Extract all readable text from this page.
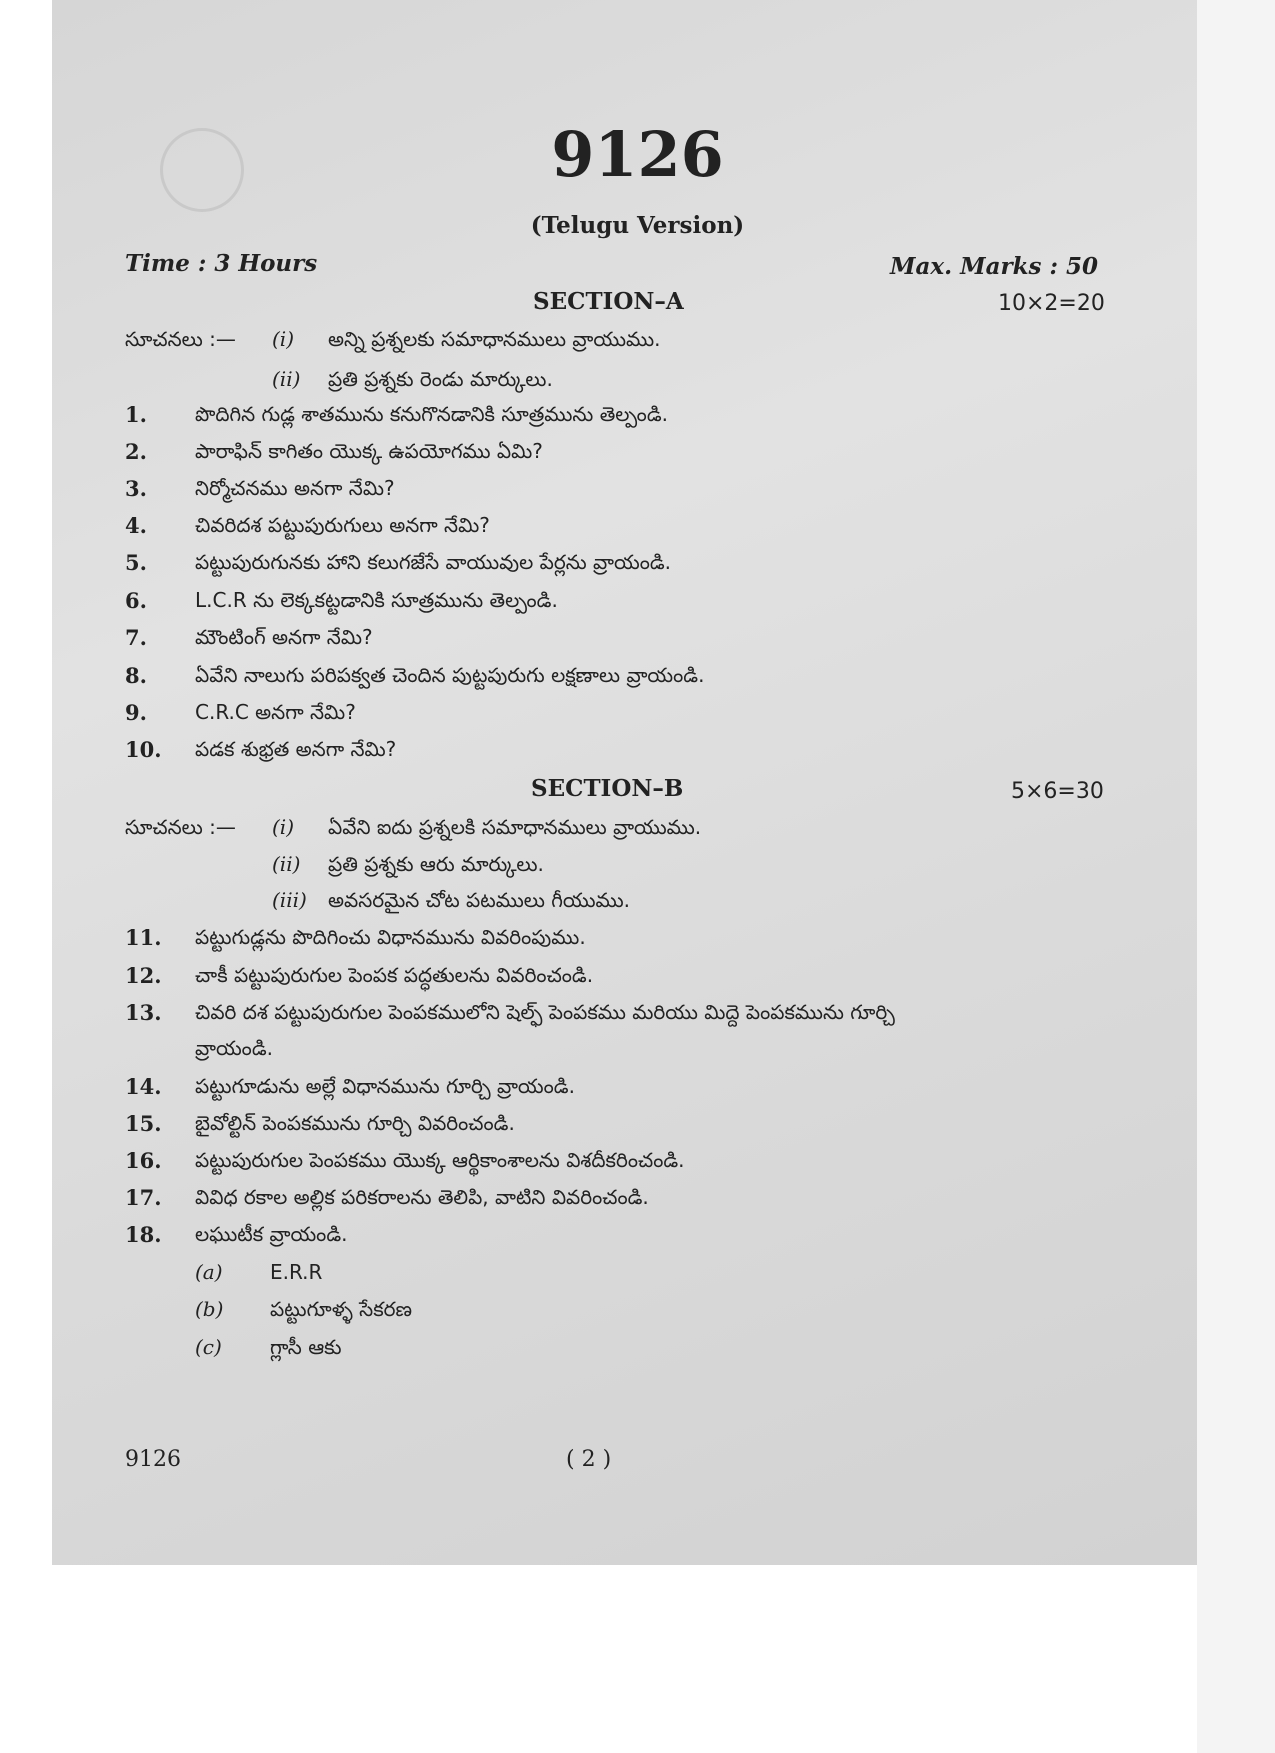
9126
(Telugu Version)
Time : 3 Hours	Max. Marks : 50
SECTION–A	10×2=20
సూచనలు :— (i) అన్ని ప్రశ్నలకు సమాధానములు వ్రాయుము.
(ii) ప్రతి ప్రశ్నకు రెండు మార్కులు.
1. పొదిగిన గుడ్ల శాతమును కనుగొనడానికి సూత్రమును తెల్పండి.
2. పారాఫిన్ కాగితం యొక్క ఉపయోగము ఏమి?
3. నిర్మోచనము అనగా నేమి?
4. చివరిదశ పట్టుపురుగులు అనగా నేమి?
5. పట్టుపురుగునకు హాని కలుగజేసే వాయువుల పేర్లను వ్రాయండి.
6. L.C.R ను లెక్కకట్టడానికి సూత్రమును తెల్పండి.
7. మౌంటింగ్ అనగా నేమి?
8. ఏవేని నాలుగు పరిపక్వత చెందిన పుట్టపురుగు లక్షణాలు వ్రాయండి.
9. C.R.C అనగా నేమి?
10. పడక శుభ్రత అనగా నేమి?
SECTION–B	5×6=30
సూచనలు :— (i) ఏవేని ఐదు ప్రశ్నలకి సమాధానములు వ్రాయుము.
(ii) ప్రతి ప్రశ్నకు ఆరు మార్కులు.
(iii) అవసరమైన చోట పటములు గీయుము.
11. పట్టుగుడ్లను పొదిగించు విధానమును వివరింపుము.
12. చాకీ పట్టుపురుగుల పెంపక పద్ధతులను వివరించండి.
13. చివరి దశ పట్టుపురుగుల పెంపకములోని షెల్ఫ్ పెంపకము మరియు మిద్దె పెంపకమును గూర్చి
వ్రాయండి.
14. పట్టుగూడును అల్లే విధానమును గూర్చి వ్రాయండి.
15. బైవోల్టిన్ పెంపకమును గూర్చి వివరించండి.
16. పట్టుపురుగుల పెంపకము యొక్క ఆర్థికాంశాలను విశదీకరించండి.
17. వివిధ రకాల అల్లిక పరికరాలను తెలిపి, వాటిని వివరించండి.
18. లఘుటీక వ్రాయండి.
(a) E.R.R
(b) పట్టుగూళ్ళ సేకరణ
(c) గ్లాసీ ఆకు
9126	( 2 )
